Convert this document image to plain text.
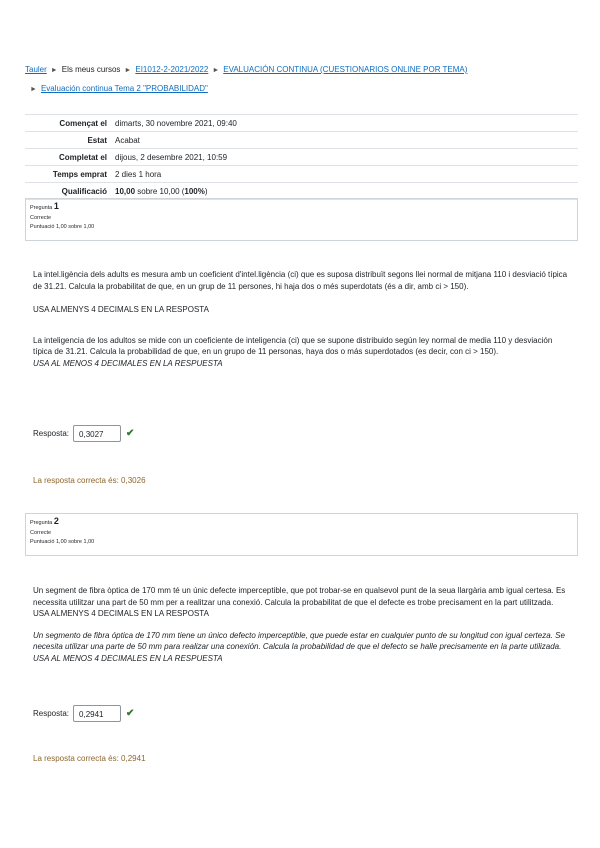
Tauler ► Els meus cursos ► EI1012-2-2021/2022 ► EVALUACIÓN CONTINUA (CUESTIONARIOS ONLINE POR TEMA)
► Evaluación continua Tema 2 "PROBABILIDAD"
Començat el	dimarts, 30 novembre 2021, 09:40
Estat	Acabat
Completat el	dijous, 2 desembre 2021, 10:59
Temps emprat	2 dies 1 hora
Qualificació	10,00 sobre 10,00 (100%)
Pregunta 1
Correcte
Puntuació 1,00 sobre 1,00

La intel.ligència dels adults es mesura amb un coeficient d'intel.ligència (ci) que es suposa distribuït segons llei normal de mitjana 110 i desviació típica de 31.21. Calcula la probabilitat de que, en un grup de 11 persones, hi haja dos o més superdotats (és a dir, amb ci > 150).

USA ALMENYS 4 DECIMALS EN LA RESPOSTA

La inteligencia de los adultos se mide con un coeficiente de inteligencia (ci) que se supone distribuido según ley normal de media 110 y desviación típica de 31.21. Calcula la probabilidad de que, en un grupo de 11 personas, haya dos o más superdotados (es decir, con ci > 150).

USA AL MENOS 4 DECIMALES EN LA RESPUESTA

Resposta:	0,3027	✔
La resposta correcta és: 0,3026
Pregunta 2
Correcte
Puntuació 1,00 sobre 1,00

Un segment de fibra òptica de 170 mm té un únic defecte imperceptible, que pot trobar-se en qualsevol punt de la seua llargària amb igual certesa. Es necessita utilitzar una part de 50 mm per a realitzar una conexió. Calcula la probabilitat de que el defecte es trobe precisament en la part utilitzada. USA ALMENYS 4 DECIMALS EN LA RESPOSTA

Un segmento de fibra óptica de 170 mm tiene un único defecto imperceptible, que puede estar en cualquier punto de su longitud con igual certeza. Se necesita utilizar una parte de 50 mm para realizar una conexión. Calcula la probabilidad de que el defecto se halle precisamente en la parte utilizada. USA AL MENOS 4 DECIMALES EN LA RESPUESTA

Resposta:	0,2941	✔
La resposta correcta és: 0,2941
